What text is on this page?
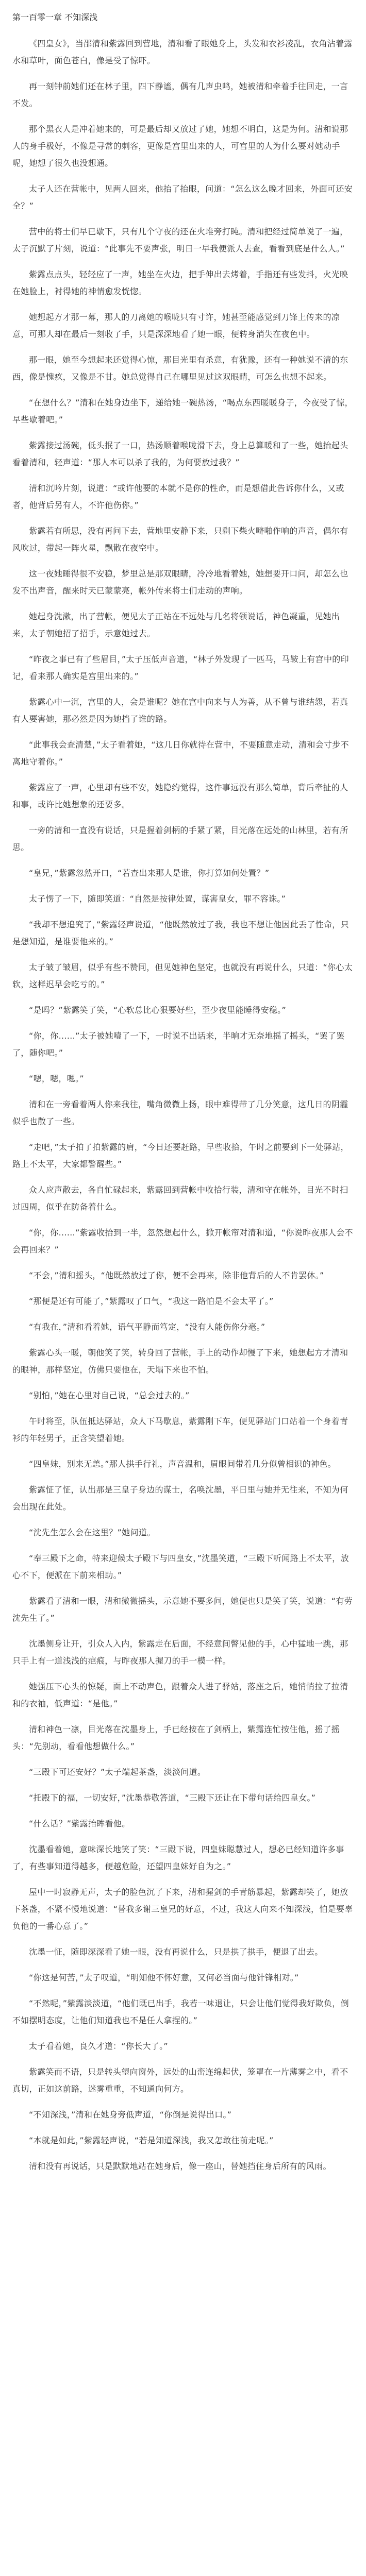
第一百零一章 不知深浅

《四皇女》，当邵清和紫露回到营地，清和看了眼她身上，头发和衣衫凌乱，衣角沾着露水和草叶，面色苍白，像是受了惊吓。

再一刻钟前她们还在林子里，四下静谧，偶有几声虫鸣，她被清和牵着手往回走，一言不发。

那个黑衣人是冲着她来的，可是最后却又放过了她，她想不明白，这是为何。清和说那人的身手极好，不像是寻常的刺客，更像是宫里出来的人，可宫里的人为什么要对她动手呢，她想了很久也没想通。

太子人还在营帐中，见两人回来，他抬了抬眼，问道：“怎么这么晚才回来，外面可还安全？”

营中的将士们早已歇下，只有几个守夜的还在火堆旁打盹。清和把经过简单说了一遍，太子沉默了片刻，说道：“此事先不要声张，明日一早我便派人去查，看看到底是什么人。”

紫露点点头，轻轻应了一声，她坐在火边，把手伸出去烤着，手指还有些发抖，火光映在她脸上，衬得她的神情愈发恍惚。

她想起方才那一幕，那人的刀离她的喉咙只有寸许，她甚至能感觉到刀锋上传来的凉意，可那人却在最后一刻收了手，只是深深地看了她一眼，便转身消失在夜色中。

那一眼，她至今想起来还觉得心惊，那目光里有杀意，有犹豫，还有一种她说不清的东西，像是愧疚，又像是不甘。她总觉得自己在哪里见过这双眼睛，可怎么也想不起来。

“在想什么？”清和在她身边坐下，递给她一碗热汤，“喝点东西暖暖身子，今夜受了惊，早些歇着吧。”

紫露接过汤碗，低头抿了一口，热汤顺着喉咙滑下去，身上总算暖和了一些，她抬起头看着清和，轻声道：“那人本可以杀了我的，为何要放过我？”

清和沉吟片刻，说道：“或许他要的本就不是你的性命，而是想借此告诉你什么，又或者，他背后另有人，不许他伤你。”

紫露若有所思，没有再问下去，营地里安静下来，只剩下柴火噼啪作响的声音，偶尔有风吹过，带起一阵火星，飘散在夜空中。

这一夜她睡得很不安稳，梦里总是那双眼睛，冷冷地看着她，她想要开口问，却怎么也发不出声音，醒来时天已蒙蒙亮，帐外传来将士们走动的声响。

她起身洗漱，出了营帐，便见太子正站在不远处与几名将领说话，神色凝重，见她出来，太子朝她招了招手，示意她过去。

“昨夜之事已有了些眉目，”太子压低声音道，“林子外发现了一匹马，马鞍上有宫中的印记，看来那人确实是宫里出来的。”

紫露心中一沉，宫里的人，会是谁呢？她在宫中向来与人为善，从不曾与谁结怨，若真有人要害她，那必然是因为她挡了谁的路。

“此事我会查清楚，”太子看着她，“这几日你就待在营中，不要随意走动，清和会寸步不离地守着你。”

紫露应了一声，心里却有些不安，她隐约觉得，这件事远没有那么简单，背后牵扯的人和事，或许比她想象的还要多。

一旁的清和一直没有说话，只是握着剑柄的手紧了紧，目光落在远处的山林里，若有所思。

“皇兄，”紫露忽然开口，“若查出来那人是谁，你打算如何处置？”

太子愣了一下，随即笑道：“自然是按律处置，谋害皇女，罪不容诛。”

“我却不想追究了，”紫露轻声说道，“他既然放过了我，我也不想让他因此丢了性命，只是想知道，是谁要他来的。”

太子皱了皱眉，似乎有些不赞同，但见她神色坚定，也就没有再说什么，只道：“你心太软，这样迟早会吃亏的。”

“是吗？”紫露笑了笑，“心软总比心狠要好些，至少夜里能睡得安稳。”

“你，你……”太子被她噎了一下，一时说不出话来，半晌才无奈地摇了摇头，“罢了罢了，随你吧。”

“嗯，嗯，嗯。”

清和在一旁看着两人你来我往，嘴角微微上扬，眼中难得带了几分笑意，这几日的阴霾似乎也散了一些。

“走吧，”太子拍了拍紫露的肩，“今日还要赶路，早些收拾，午时之前要到下一处驿站，路上不太平，大家都警醒些。”

众人应声散去，各自忙碌起来，紫露回到营帐中收拾行装，清和守在帐外，目光不时扫过四周，似乎在防备着什么。

“你，你……”紫露收拾到一半，忽然想起什么，掀开帐帘对清和道，“你说昨夜那人会不会再回来？”

“不会，”清和摇头，“他既然放过了你，便不会再来，除非他背后的人不肯罢休。”

“那便是还有可能了，”紫露叹了口气，“我这一路怕是不会太平了。”

“有我在，”清和看着她，语气平静而笃定，“没有人能伤你分毫。”

紫露心头一暖，朝他笑了笑，转身回了营帐，手上的动作却慢了下来，她想起方才清和的眼神，那样坚定，仿佛只要他在，天塌下来也不怕。

“别怕，”她在心里对自己说，“总会过去的。”

午时将至，队伍抵达驿站，众人下马歇息，紫露刚下车，便见驿站门口站着一个身着青衫的年轻男子，正含笑望着她。

“四皇妹，别来无恙。”那人拱手行礼，声音温和，眉眼间带着几分似曾相识的神色。

紫露怔了怔，认出那是三皇子身边的谋士，名唤沈墨，平日里与她并无往来，不知为何会出现在此处。

“沈先生怎么会在这里？”她问道。

“奉三殿下之命，特来迎候太子殿下与四皇女，”沈墨笑道，“三殿下听闻路上不太平，放心不下，便派在下前来相助。”

紫露看了清和一眼，清和微微摇头，示意她不要多问，她便也只是笑了笑，说道：“有劳沈先生了。”

沈墨侧身让开，引众人入内，紫露走在后面，不经意间瞥见他的手，心中猛地一跳，那只手上有一道浅浅的疤痕，与昨夜那人握刀的手一模一样。

她强压下心头的惊疑，面上不动声色，跟着众人进了驿站，落座之后，她悄悄拉了拉清和的衣袖，低声道：“是他。”

清和神色一凛，目光落在沈墨身上，手已经按在了剑柄上，紫露连忙按住他，摇了摇头：“先别动，看看他想做什么。”

“三殿下可还安好？”太子端起茶盏，淡淡问道。

“托殿下的福，一切安好，”沈墨恭敬答道，“三殿下还让在下带句话给四皇女。”

“什么话？”紫露抬眸看他。

沈墨看着她，意味深长地笑了笑：“三殿下说，四皇妹聪慧过人，想必已经知道许多事了，有些事知道得越多，便越危险，还望四皇妹好自为之。”

屋中一时寂静无声，太子的脸色沉了下来，清和握剑的手青筋暴起，紫露却笑了，她放下茶盏，不紧不慢地说道：“替我多谢三皇兄的好意，不过，我这人向来不知深浅，怕是要辜负他的一番心意了。”

沈墨一怔，随即深深看了她一眼，没有再说什么，只是拱了拱手，便退了出去。

“你这是何苦，”太子叹道，“明知他不怀好意，又何必当面与他针锋相对。”

“不然呢，”紫露淡淡道，“他们既已出手，我若一味退让，只会让他们觉得我好欺负，倒不如摆明态度，让他们知道我也不是任人拿捏的。”

太子看着她，良久才道：“你长大了。”

紫露笑而不语，只是转头望向窗外，远处的山峦连绵起伏，笼罩在一片薄雾之中，看不真切，正如这前路，迷雾重重，不知通向何方。

“不知深浅，”清和在她身旁低声道，“你倒是说得出口。”

“本就是如此，”紫露轻声说，“若是知道深浅，我又怎敢往前走呢。”

清和没有再说话，只是默默地站在她身后，像一座山，替她挡住身后所有的风雨。
